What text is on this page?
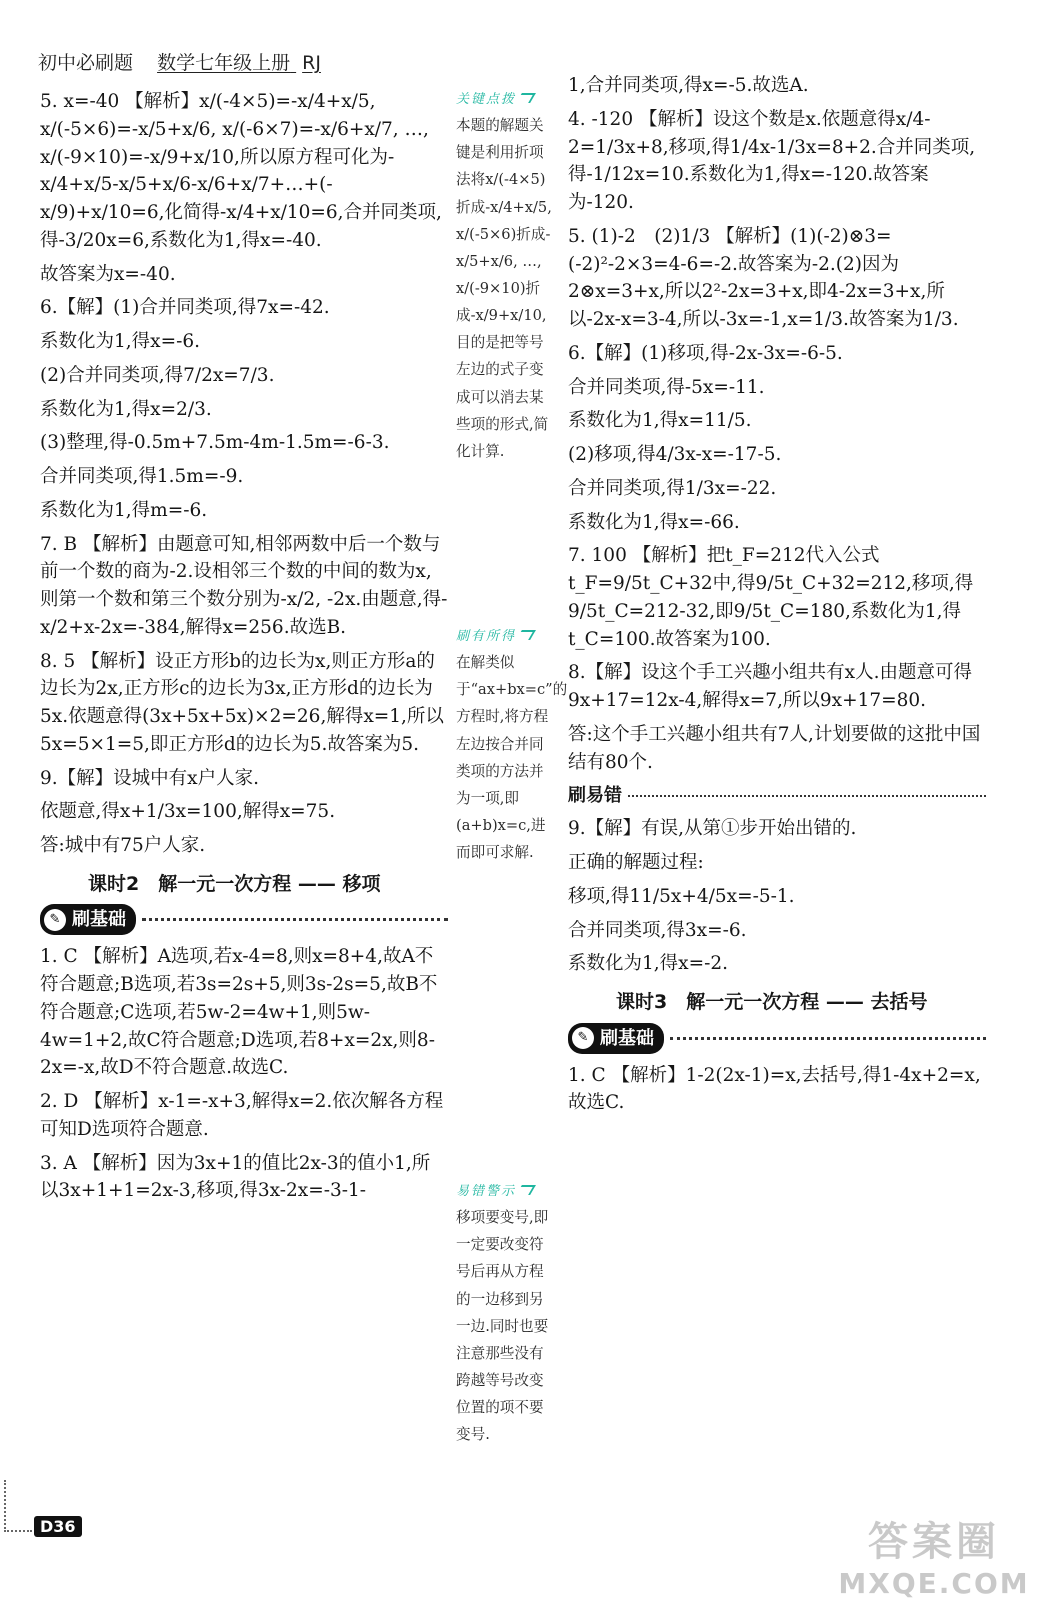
初中必刷题 数学七年级上册 RJ

5. x=-40 【解析】x/(-4×5)=-x/4+x/5, x/(-5×6)=-x/5+x/6, x/(-6×7)=-x/6+x/7, …, x/(-9×10)=-x/9+x/10,所以原方程可化为-x/4+x/5-x/5+x/6-x/6+x/7+…+(-x/9)+x/10=6,化简得-x/4+x/10=6,合并同类项,得-3/20x=6,系数化为1,得x=-40.

故答案为x=-40.

6.【解】(1)合并同类项,得7x=-42.

系数化为1,得x=-6.

(2)合并同类项,得7/2x=7/3.

系数化为1,得x=2/3.

(3)整理,得-0.5m+7.5m-4m-1.5m=-6-3.

合并同类项,得1.5m=-9.

系数化为1,得m=-6.

7. B 【解析】由题意可知,相邻两数中后一个数与前一个数的商为-2.设相邻三个数的中间的数为x,则第一个数和第三个数分别为-x/2, -2x.由题意,得-x/2+x-2x=-384,解得x=256.故选B.

8. 5 【解析】设正方形b的边长为x,则正方形a的边长为2x,正方形c的边长为3x,正方形d的边长为5x.依题意得(3x+5x+5x)×2=26,解得x=1,所以5x=5×1=5,即正方形d的边长为5.故答案为5.

9.【解】设城中有x户人家.

依题意,得x+1/3x=100,解得x=75.

答:城中有75户人家.

课时2　解一元一次方程 —— 移项
✎ 刷基础

1. C 【解析】A选项,若x-4=8,则x=8+4,故A不符合题意;B选项,若3s=2s+5,则3s-2s=5,故B不符合题意;C选项,若5w-2=4w+1,则5w-4w=1+2,故C符合题意;D选项,若8+x=2x,则8-2x=-x,故D不符合题意.故选C.

2. D 【解析】x-1=-x+3,解得x=2.依次解各方程可知D选项符合题意.

3. A 【解析】因为3x+1的值比2x-3的值小1,所以3x+1+1=2x-3,移项,得3x-2x=-3-1-

关键点拨
本题的解题关键是利用折项法将x/(-4×5)折成-x/4+x/5, x/(-5×6)折成-x/5+x/6, …, x/(-9×10)折成-x/9+x/10,目的是把等号左边的式子变成可以消去某些项的形式,简化计算.
刷有所得
在解类似于“ax+bx=c”的方程时,将方程左边按合并同类项的方法并为一项,即(a+b)x=c,进而即可求解.
易错警示
移项要变号,即一定要改变符号后再从方程的一边移到另一边.同时也要注意那些没有跨越等号改变位置的项不要变号.

1,合并同类项,得x=-5.故选A.

4. -120 【解析】设这个数是x.依题意得x/4-2=1/3x+8,移项,得1/4x-1/3x=8+2.合并同类项,得-1/12x=10.系数化为1,得x=-120.故答案为-120.

5. (1)-2　(2)1/3 【解析】(1)(-2)⊗3=(-2)²-2×3=4-6=-2.故答案为-2.(2)因为2⊗x=3+x,所以2²-2x=3+x,即4-2x=3+x,所以-2x-x=3-4,所以-3x=-1,x=1/3.故答案为1/3.

6.【解】(1)移项,得-2x-3x=-6-5.

合并同类项,得-5x=-11.

系数化为1,得x=11/5.

(2)移项,得4/3x-x=-17-5.

合并同类项,得1/3x=-22.

系数化为1,得x=-66.

7. 100 【解析】把t_F=212代入公式t_F=9/5t_C+32中,得9/5t_C+32=212,移项,得9/5t_C=212-32,即9/5t_C=180,系数化为1,得t_C=100.故答案为100.

8.【解】设这个手工兴趣小组共有x人.由题意可得9x+17=12x-4,解得x=7,所以9x+17=80.

答:这个手工兴趣小组共有7人,计划要做的这批中国结有80个.

刷易错

9.【解】有误,从第①步开始出错的.

正确的解题过程:

移项,得11/5x+4/5x=-5-1.

合并同类项,得3x=-6.

系数化为1,得x=-2.

课时3　解一元一次方程 —— 去括号
✎ 刷基础

1. C 【解析】1-2(2x-1)=x,去括号,得1-4x+2=x,故选C.

D36	答案圈
MXQE.COM
